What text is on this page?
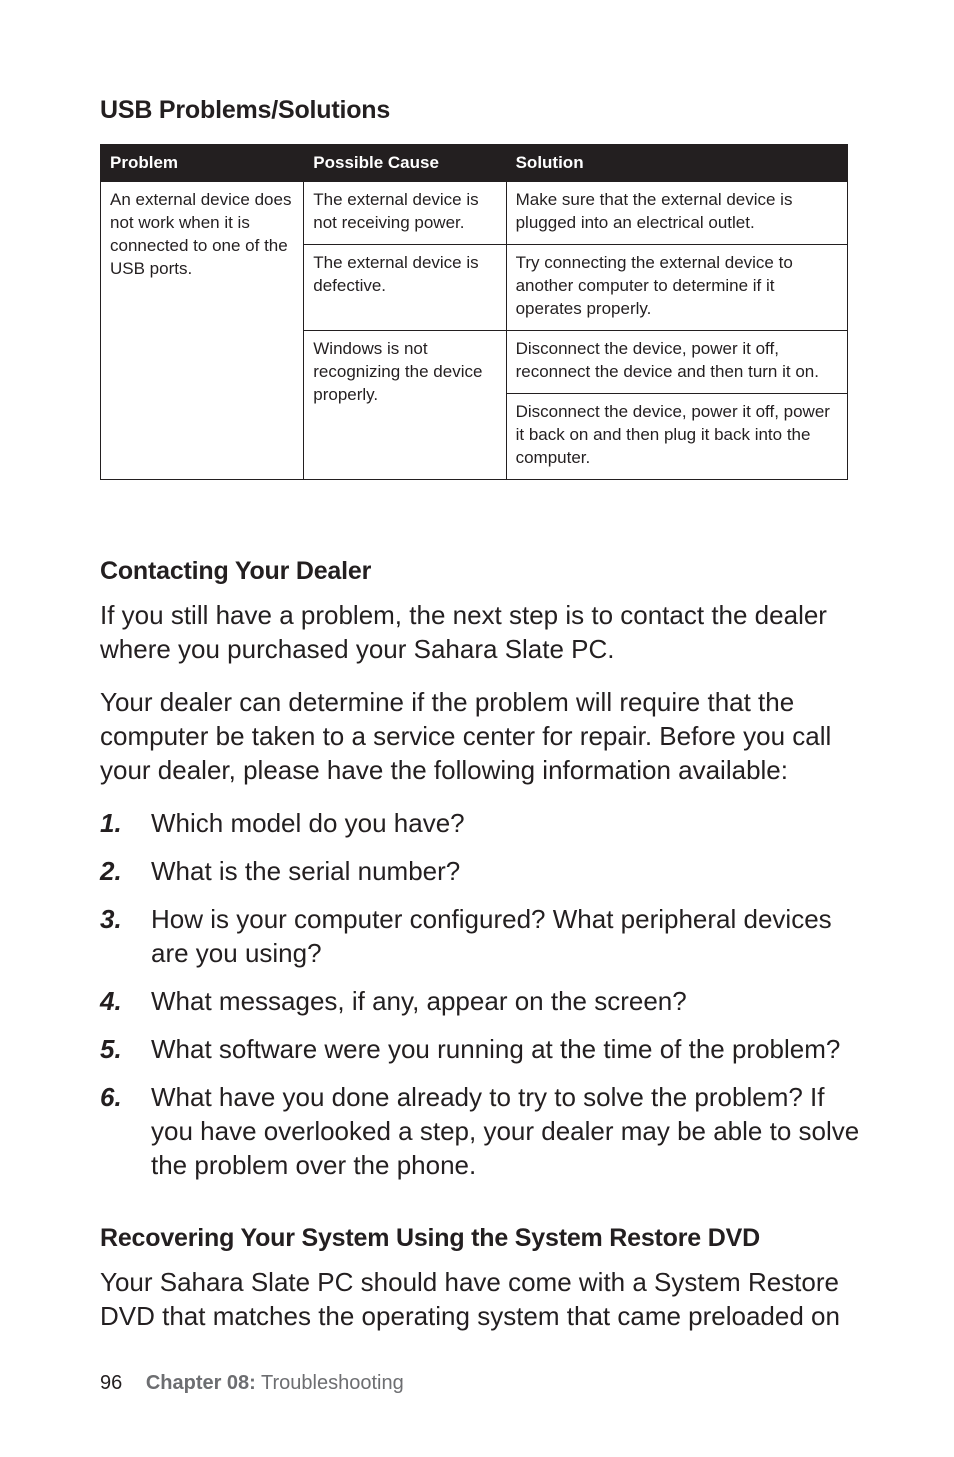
USB Problems/Solutions
Problem	Possible Cause	Solution
An external device does not work when it is connected to one of the USB ports.	The external device is not receiving power.	Make sure that the external device is plugged into an electrical outlet.
	The external device is defective.	Try connecting the external device to another computer to determine if it operates properly.
	Windows is not recognizing the device properly.	Disconnect the device, power it off, reconnect the device and then turn it on.
		Disconnect the device, power it off, power it back on and then plug it back into the computer.
Contacting Your Dealer

If you still have a problem, the next step is to contact the dealer where you purchased your Sahara Slate PC.

Your dealer can determine if the problem will require that the computer be taken to a service center for repair. Before you call your dealer, please have the following information available:

1. Which model do you have?
2. What is the serial number?
3. How is your computer configured? What peripheral devices are you using?
4. What messages, if any, appear on the screen?
5. What software were you running at the time of the problem?
6. What have you done already to try to solve the problem? If you have overlooked a step, your dealer may be able to solve the problem over the phone.
Recovering Your System Using the System Restore DVD

Your Sahara Slate PC should have come with a System Restore DVD that matches the operating system that came preloaded on

96 Chapter 08: Troubleshooting
